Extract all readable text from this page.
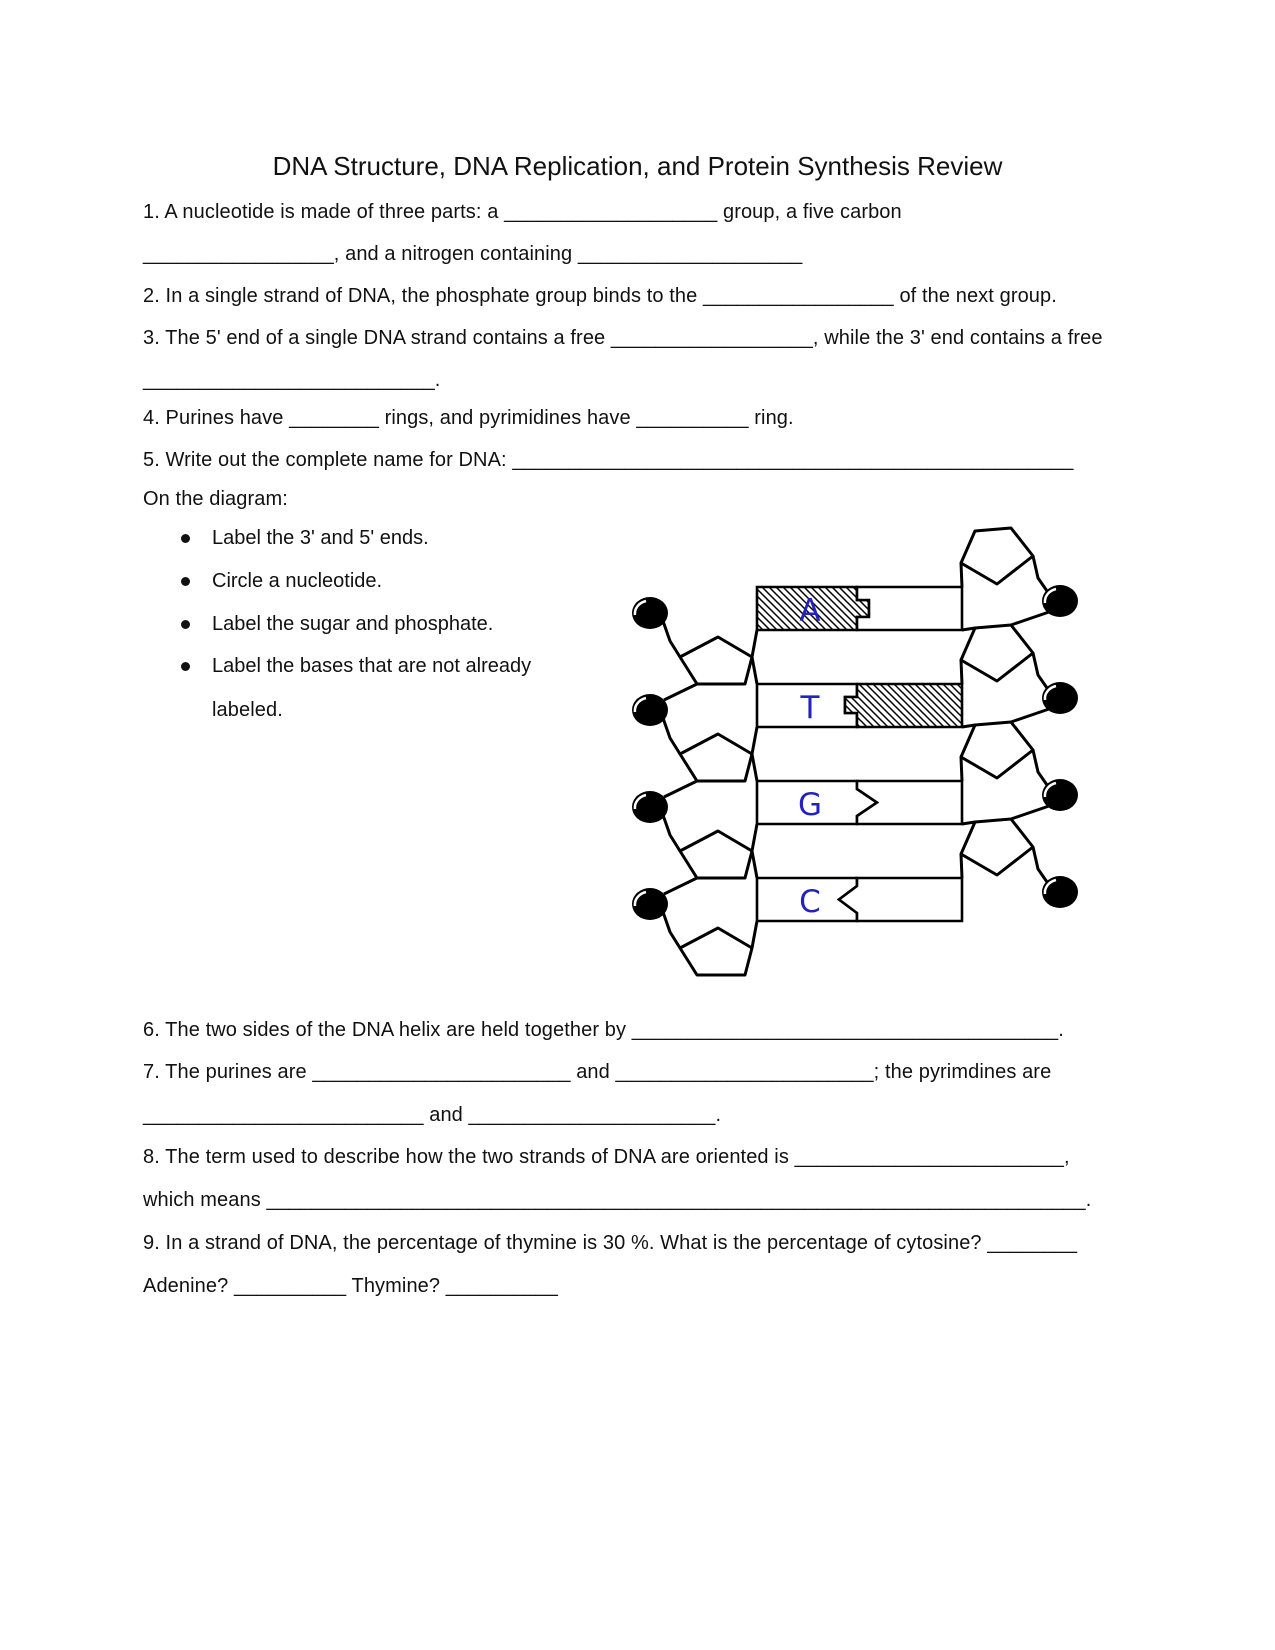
DNA Structure, DNA Replication, and Protein Synthesis Review
1. A nucleotide is made of three parts: a ___________________ group, a five carbon
_________________, and a nitrogen containing ____________________
2. In a single strand of DNA, the phosphate group binds to the _________________ of the next group.
3. The 5' end of a single DNA strand contains a free __________________, while the 3' end contains a free
__________________________.
4. Purines have ________ rings, and pyrimidines have __________ ring.
5. Write out the complete name for DNA: __________________________________________________
On the diagram:
Label the 3' and 5' ends.
Circle a nucleotide.
Label the sugar and phosphate.
Label the bases that are not already
labeled.
A
T
G
C
6. The two sides of the DNA helix are held together by ______________________________________.
7. The purines are _______________________ and _______________________; the pyrimdines are
_________________________ and ______________________.
8. The term used to describe how the two strands of DNA are oriented is ________________________,
which means _________________________________________________________________________.
9. In a strand of DNA, the percentage of thymine is 30 %. What is the percentage of cytosine? ________
Adenine? __________ Thymine? __________
